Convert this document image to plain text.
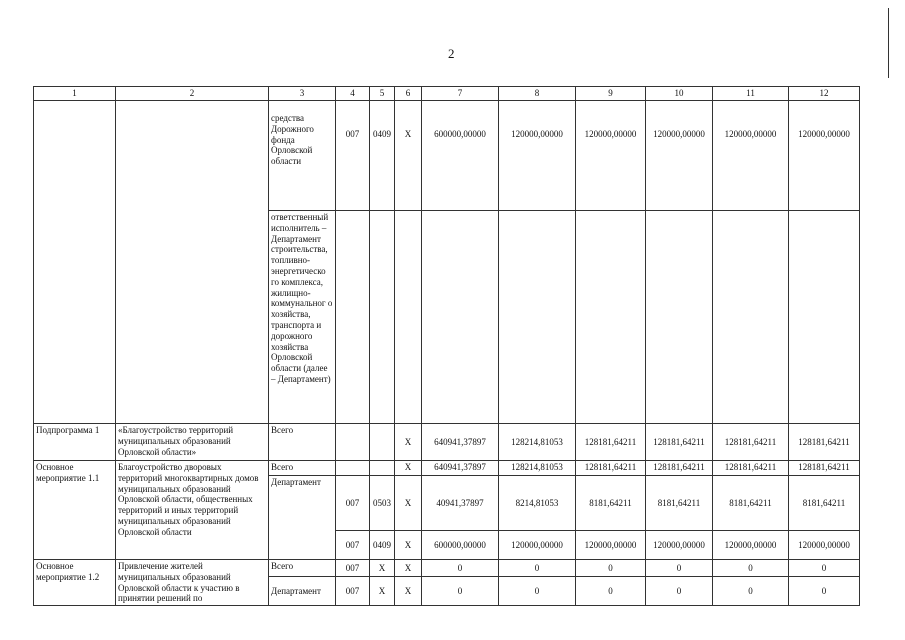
2
1	2	3	4	5	6	7	8	9	10	11	12
		средства Дорожного фонда Орловской области	007	0409	X	600000,00000	120000,00000	120000,00000	120000,00000	120000,00000	120000,00000
		ответственный исполнитель – Департамент строительства, топливно-энергетическо го комплекса, жилищно-коммунальног о хозяйства, транспорта и дорожного хозяйства Орловской области (далее – Департамент)									
Подпрограмма 1	«Благоустройство территорий муниципальных образований Орловской области»	Всего			X	640941,37897	128214,81053	128181,64211	128181,64211	128181,64211	128181,64211
Основное мероприятие 1.1	Благоустройство дворовых территорий многоквартирных домов муниципальных образований Орловской области, общественных территорий и иных территорий муниципальных образований Орловской области	Всего			X	640941,37897	128214,81053	128181,64211	128181,64211	128181,64211	128181,64211
		Департамент	007	0503	X	40941,37897	8214,81053	8181,64211	8181,64211	8181,64211	8181,64211
			007	0409	X	600000,00000	120000,00000	120000,00000	120000,00000	120000,00000	120000,00000
Основное мероприятие 1.2	Привлечение жителей муниципальных образований Орловской области к участию в принятии решений по	Всего	007	X	X	0	0	0	0	0	0
		Департамент	007	X	X	0	0	0	0	0	0
